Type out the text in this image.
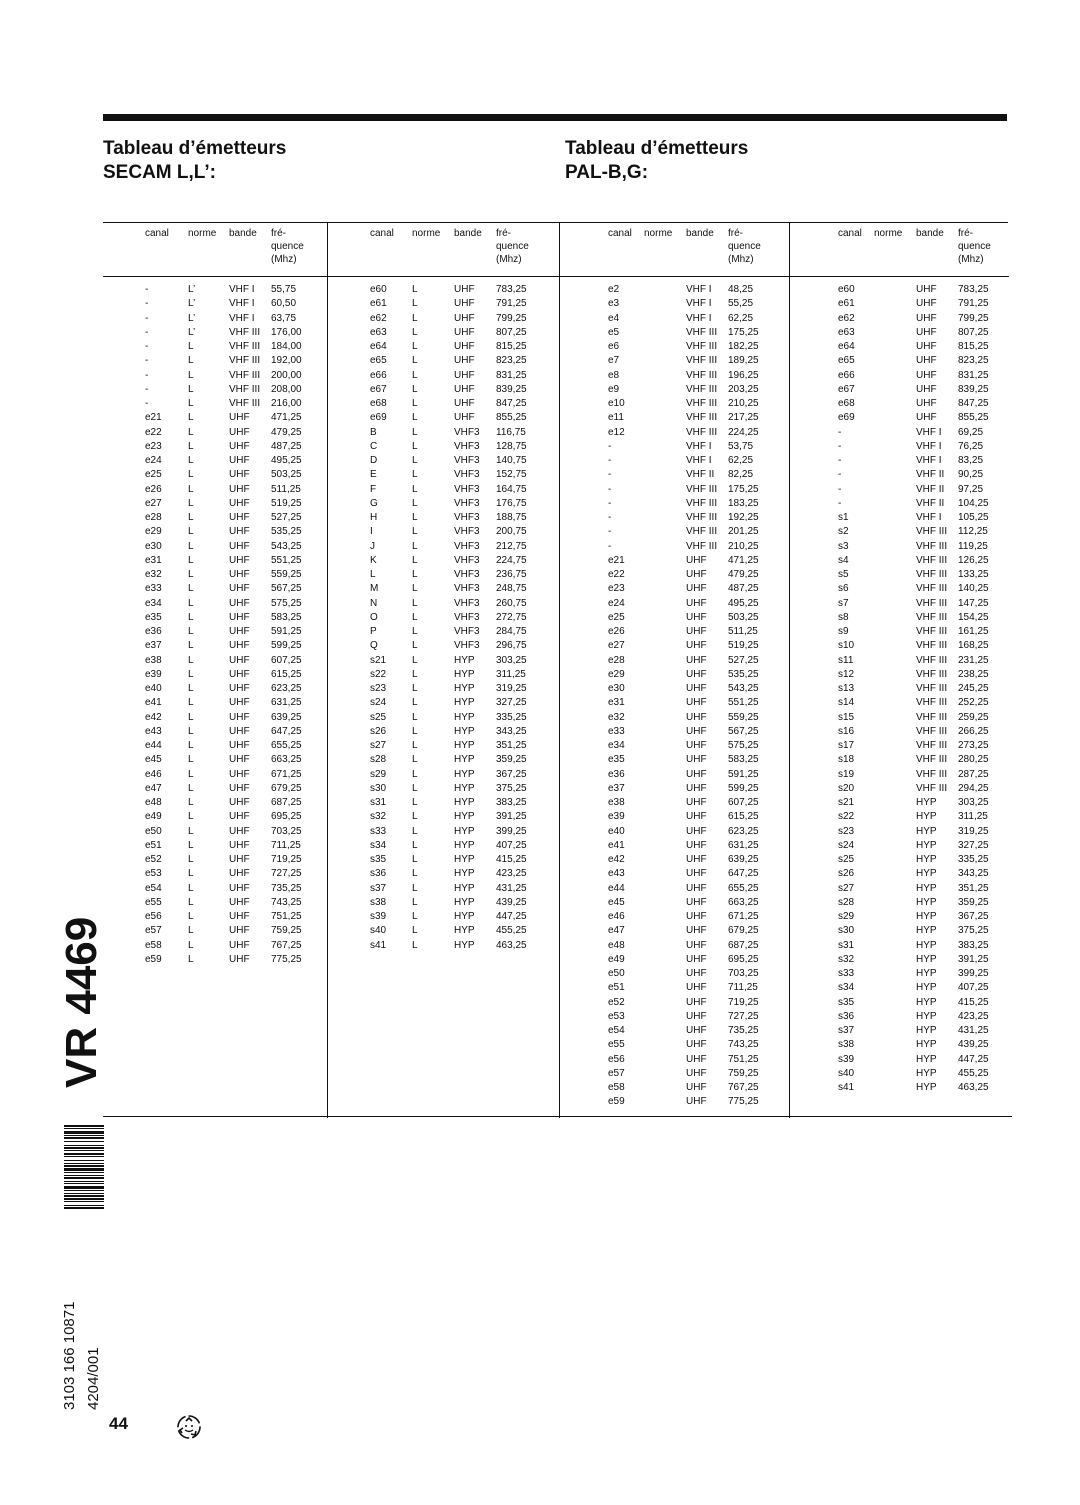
Tableau d’émetteurs
SECAM L,L’:
Tableau d’émetteurs
PAL-B,G:
canal norme bande fré-
quence
(Mhz)
-	L’	VHF I 55,75
-	L’	VHF I 60,50
-	L’	VHF I 63,75
-	L’	VHF III 176,00
-	L	VHF III 184,00
-	L	VHF III 192,00
-	L	VHF III 200,00
-	L	VHF III 208,00
-	L	VHF III 216,00
e21	L	UHF 471,25
e22	L	UHF 479,25
e23	L	UHF 487,25
e24	L	UHF 495,25
e25	L	UHF 503,25
e26	L	UHF 511,25
e27	L	UHF 519,25
e28	L	UHF 527,25
e29	L	UHF 535,25
e30	L	UHF 543,25
e31	L	UHF 551,25
e32	L	UHF 559,25
e33	L	UHF 567,25
e34	L	UHF 575,25
e35	L	UHF 583,25
e36	L	UHF 591,25
e37	L	UHF 599,25
e38	L	UHF 607,25
e39	L	UHF 615,25
e40	L	UHF 623,25
e41	L	UHF 631,25
e42	L	UHF 639,25
e43	L	UHF 647,25
e44	L	UHF 655,25
e45	L	UHF 663,25
e46	L	UHF 671,25
e47	L	UHF 679,25
e48	L	UHF 687,25
e49	L	UHF 695,25
e50	L	UHF 703,25
e51	L	UHF 711,25
e52	L	UHF 719,25
e53	L	UHF 727,25
e54	L	UHF 735,25
e55	L	UHF 743,25
e56	L	UHF 751,25
e57	L	UHF 759,25
e58	L	UHF 767,25
e59	L	UHF 775,25
canal norme bande fré-
quence
(Mhz)
e60	L	UHF 783,25
e61	L	UHF 791,25
e62	L	UHF 799,25
e63	L	UHF 807,25
e64	L	UHF 815,25
e65	L	UHF 823,25
e66	L	UHF 831,25
e67	L	UHF 839,25
e68	L	UHF 847,25
e69	L	UHF 855,25
B	L	VHF3 116,75
C	L	VHF3 128,75
D	L	VHF3 140,75
E	L	VHF3 152,75
F	L	VHF3 164,75
G	L	VHF3 176,75
H	L	VHF3 188,75
I	L	VHF3 200,75
J	L	VHF3 212,75
K	L	VHF3 224,75
L	L	VHF3 236,75
M	L	VHF3 248,75
N	L	VHF3 260,75
O	L	VHF3 272,75
P	L	VHF3 284,75
Q	L	VHF3 296,75
s21	L	HYP 303,25
s22	L	HYP 311,25
s23	L	HYP 319,25
s24	L	HYP 327,25
s25	L	HYP 335,25
s26	L	HYP 343,25
s27	L	HYP 351,25
s28	L	HYP 359,25
s29	L	HYP 367,25
s30	L	HYP 375,25
s31	L	HYP 383,25
s32	L	HYP 391,25
s33	L	HYP 399,25
s34	L	HYP 407,25
s35	L	HYP 415,25
s36	L	HYP 423,25
s37	L	HYP 431,25
s38	L	HYP 439,25
s39	L	HYP 447,25
s40	L	HYP 455,25
s41	L	HYP 463,25
canal norme bande fré-
quence
(Mhz)
e2	VHF I 48,25
e3	VHF I 55,25
e4	VHF I 62,25
e5	VHF III 175,25
e6	VHF III 182,25
e7	VHF III 189,25
e8	VHF III 196,25
e9	VHF III 203,25
e10	VHF III 210,25
e11	VHF III 217,25
e12	VHF III 224,25
-	VHF I 53,75
-	VHF I 62,25
-	VHF II 82,25
-	VHF III 175,25
-	VHF III 183,25
-	VHF III 192,25
-	VHF III 201,25
-	VHF III 210,25
e21	UHF 471,25
e22	UHF 479,25
e23	UHF 487,25
e24	UHF 495,25
e25	UHF 503,25
e26	UHF 511,25
e27	UHF 519,25
e28	UHF 527,25
e29	UHF 535,25
e30	UHF 543,25
e31	UHF 551,25
e32	UHF 559,25
e33	UHF 567,25
e34	UHF 575,25
e35	UHF 583,25
e36	UHF 591,25
e37	UHF 599,25
e38	UHF 607,25
e39	UHF 615,25
e40	UHF 623,25
e41	UHF 631,25
e42	UHF 639,25
e43	UHF 647,25
e44	UHF 655,25
e45	UHF 663,25
e46	UHF 671,25
e47	UHF 679,25
e48	UHF 687,25
e49	UHF 695,25
e50	UHF 703,25
e51	UHF 711,25
e52	UHF 719,25
e53	UHF 727,25
e54	UHF 735,25
e55	UHF 743,25
e56	UHF 751,25
e57	UHF 759,25
e58	UHF 767,25
e59	UHF 775,25
canal norme bande fré-
quence
(Mhz)
e60	UHF 783,25
e61	UHF 791,25
e62	UHF 799,25
e63	UHF 807,25
e64	UHF 815,25
e65	UHF 823,25
e66	UHF 831,25
e67	UHF 839,25
e68	UHF 847,25
e69	UHF 855,25
-	VHF I 69,25
-	VHF I 76,25
-	VHF I 83,25
-	VHF II 90,25
-	VHF II 97,25
-	VHF II 104,25
s1	VHF I 105,25
s2	VHF III 112,25
s3	VHF III 119,25
s4	VHF III 126,25
s5	VHF III 133,25
s6	VHF III 140,25
s7	VHF III 147,25
s8	VHF III 154,25
s9	VHF III 161,25
s10	VHF III 168,25
s11	VHF III 231,25
s12	VHF III 238,25
s13	VHF III 245,25
s14	VHF III 252,25
s15	VHF III 259,25
s16	VHF III 266,25
s17	VHF III 273,25
s18	VHF III 280,25
s19	VHF III 287,25
s20	VHF III 294,25
s21	HYP 303,25
s22	HYP 311,25
s23	HYP 319,25
s24	HYP 327,25
s25	HYP 335,25
s26	HYP 343,25
s27	HYP 351,25
s28	HYP 359,25
s29	HYP 367,25
s30	HYP 375,25
s31	HYP 383,25
s32	HYP 391,25
s33	HYP 399,25
s34	HYP 407,25
s35	HYP 415,25
s36	HYP 423,25
s37	HYP 431,25
s38	HYP 439,25
s39	HYP 447,25
s40	HYP 455,25
s41	HYP 463,25
VR 4469
3103 166 10871 4204/001
44
